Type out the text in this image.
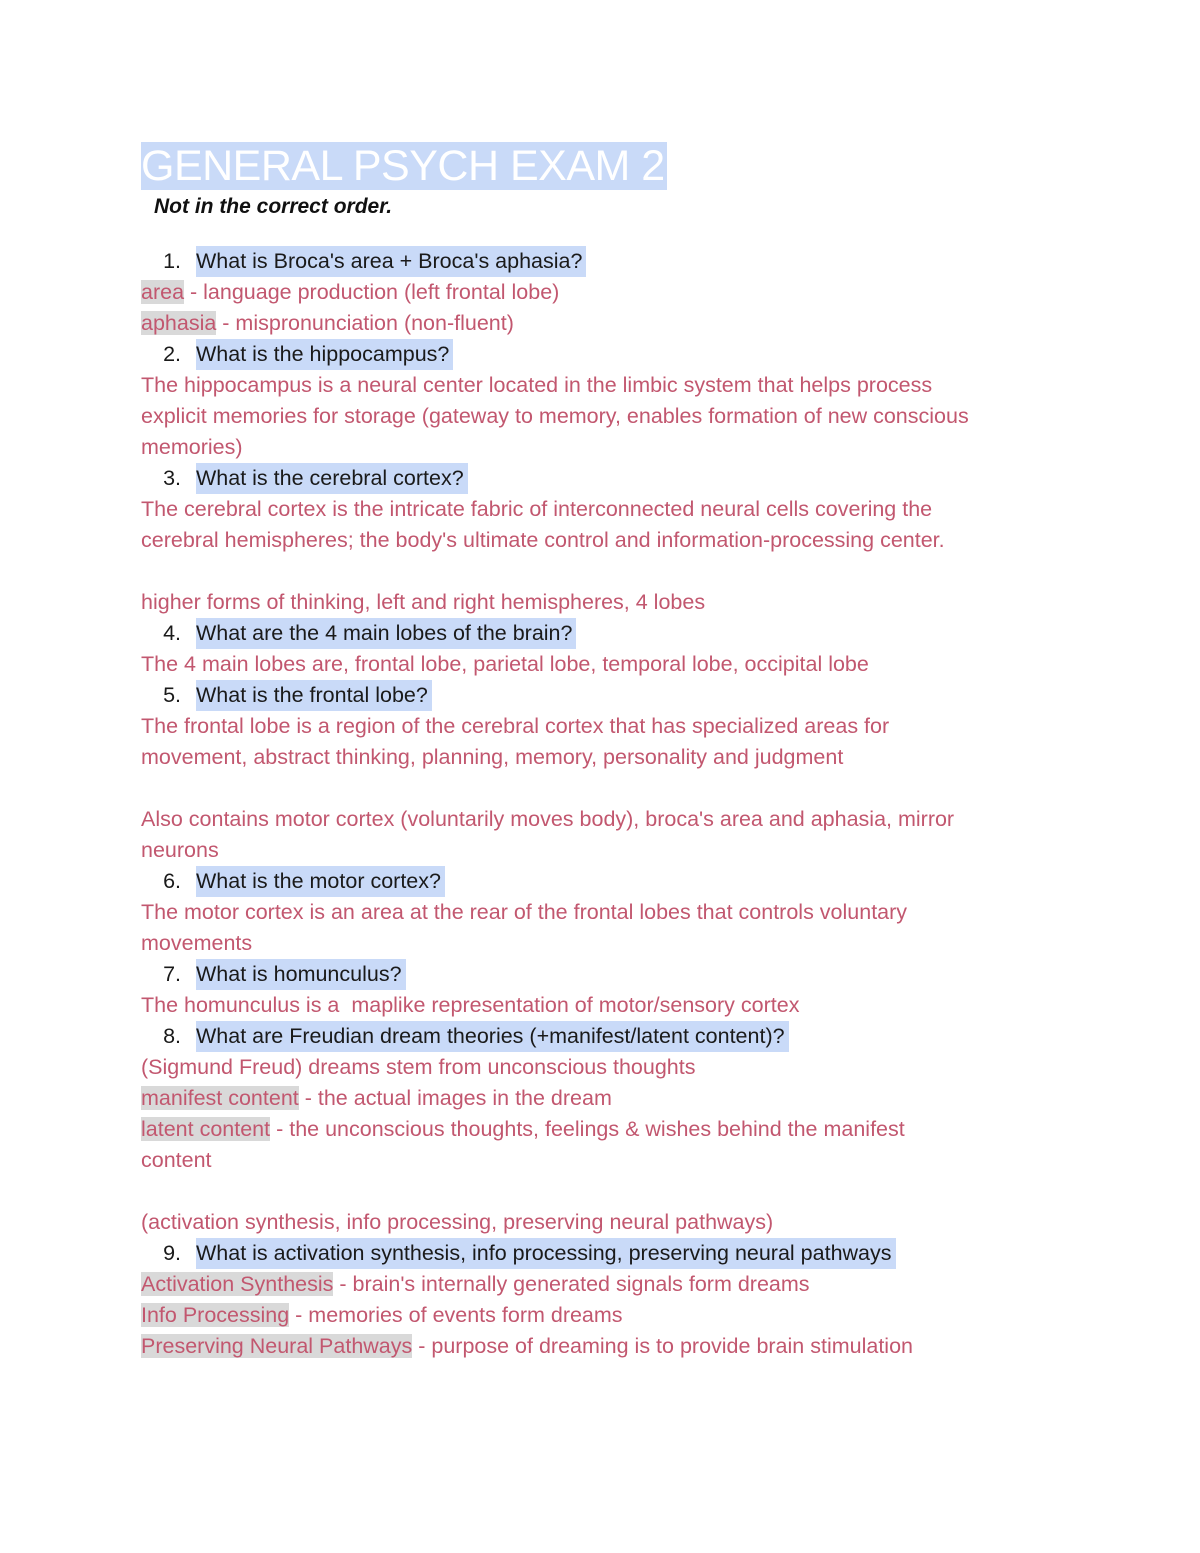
GENERAL PSYCH EXAM 2
Not in the correct order.
1. What is Broca's area + Broca's aphasia?
area - language production (left frontal lobe)
aphasia - mispronunciation (non-fluent)
2. What is the hippocampus?
The hippocampus is a neural center located in the limbic system that helps process
explicit memories for storage (gateway to memory, enables formation of new conscious
memories)
3. What is the cerebral cortex?
The cerebral cortex is the intricate fabric of interconnected neural cells covering the
cerebral hemispheres; the body's ultimate control and information-processing center.
higher forms of thinking, left and right hemispheres, 4 lobes
4. What are the 4 main lobes of the brain?
The 4 main lobes are, frontal lobe, parietal lobe, temporal lobe, occipital lobe
5. What is the frontal lobe?
The frontal lobe is a region of the cerebral cortex that has specialized areas for
movement, abstract thinking, planning, memory, personality and judgment
Also contains motor cortex (voluntarily moves body), broca's area and aphasia, mirror
neurons
6. What is the motor cortex?
The motor cortex is an area at the rear of the frontal lobes that controls voluntary
movements
7. What is homunculus?
The homunculus is a  maplike representation of motor/sensory cortex
8. What are Freudian dream theories (+manifest/latent content)?
(Sigmund Freud) dreams stem from unconscious thoughts
manifest content - the actual images in the dream
latent content - the unconscious thoughts, feelings & wishes behind the manifest
content
(activation synthesis, info processing, preserving neural pathways)
9. What is activation synthesis, info processing, preserving neural pathways
Activation Synthesis - brain's internally generated signals form dreams
Info Processing - memories of events form dreams
Preserving Neural Pathways - purpose of dreaming is to provide brain stimulation
